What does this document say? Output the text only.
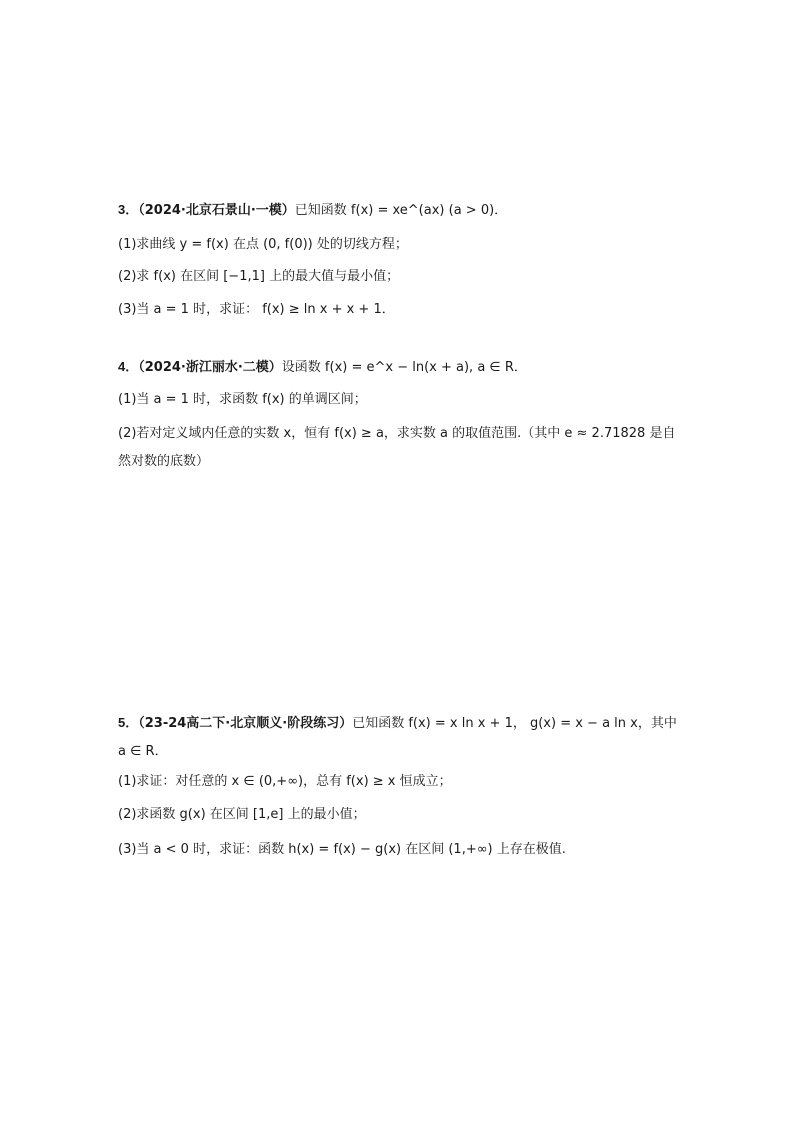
3．（2024·北京石景山·一模）已知函数 f(x) = xe^(ax) (a > 0)．
(1)求曲线 y = f(x) 在点 (0, f(0)) 处的切线方程；
(2)求 f(x) 在区间 [−1,1] 上的最大值与最小值；
(3)当 a = 1 时，求证： f(x) ≥ ln x + x + 1．
4．（2024·浙江丽水·二模）设函数 f(x) = e^x − ln(x + a), a ∈ R．
(1)当 a = 1 时，求函数 f(x) 的单调区间；
(2)若对定义域内任意的实数 x，恒有 f(x) ≥ a，求实数 a 的取值范围.（其中 e ≈ 2.71828 是自然对数的底数）
5．（23-24高二下·北京顺义·阶段练习）已知函数 f(x) = x ln x + 1， g(x) = x − a ln x，其中 a ∈ R．
(1)求证：对任意的 x ∈ (0,+∞)，总有 f(x) ≥ x 恒成立；
(2)求函数 g(x) 在区间 [1,e] 上的最小值；
(3)当 a < 0 时，求证：函数 h(x) = f(x) − g(x) 在区间 (1,+∞) 上存在极值.
